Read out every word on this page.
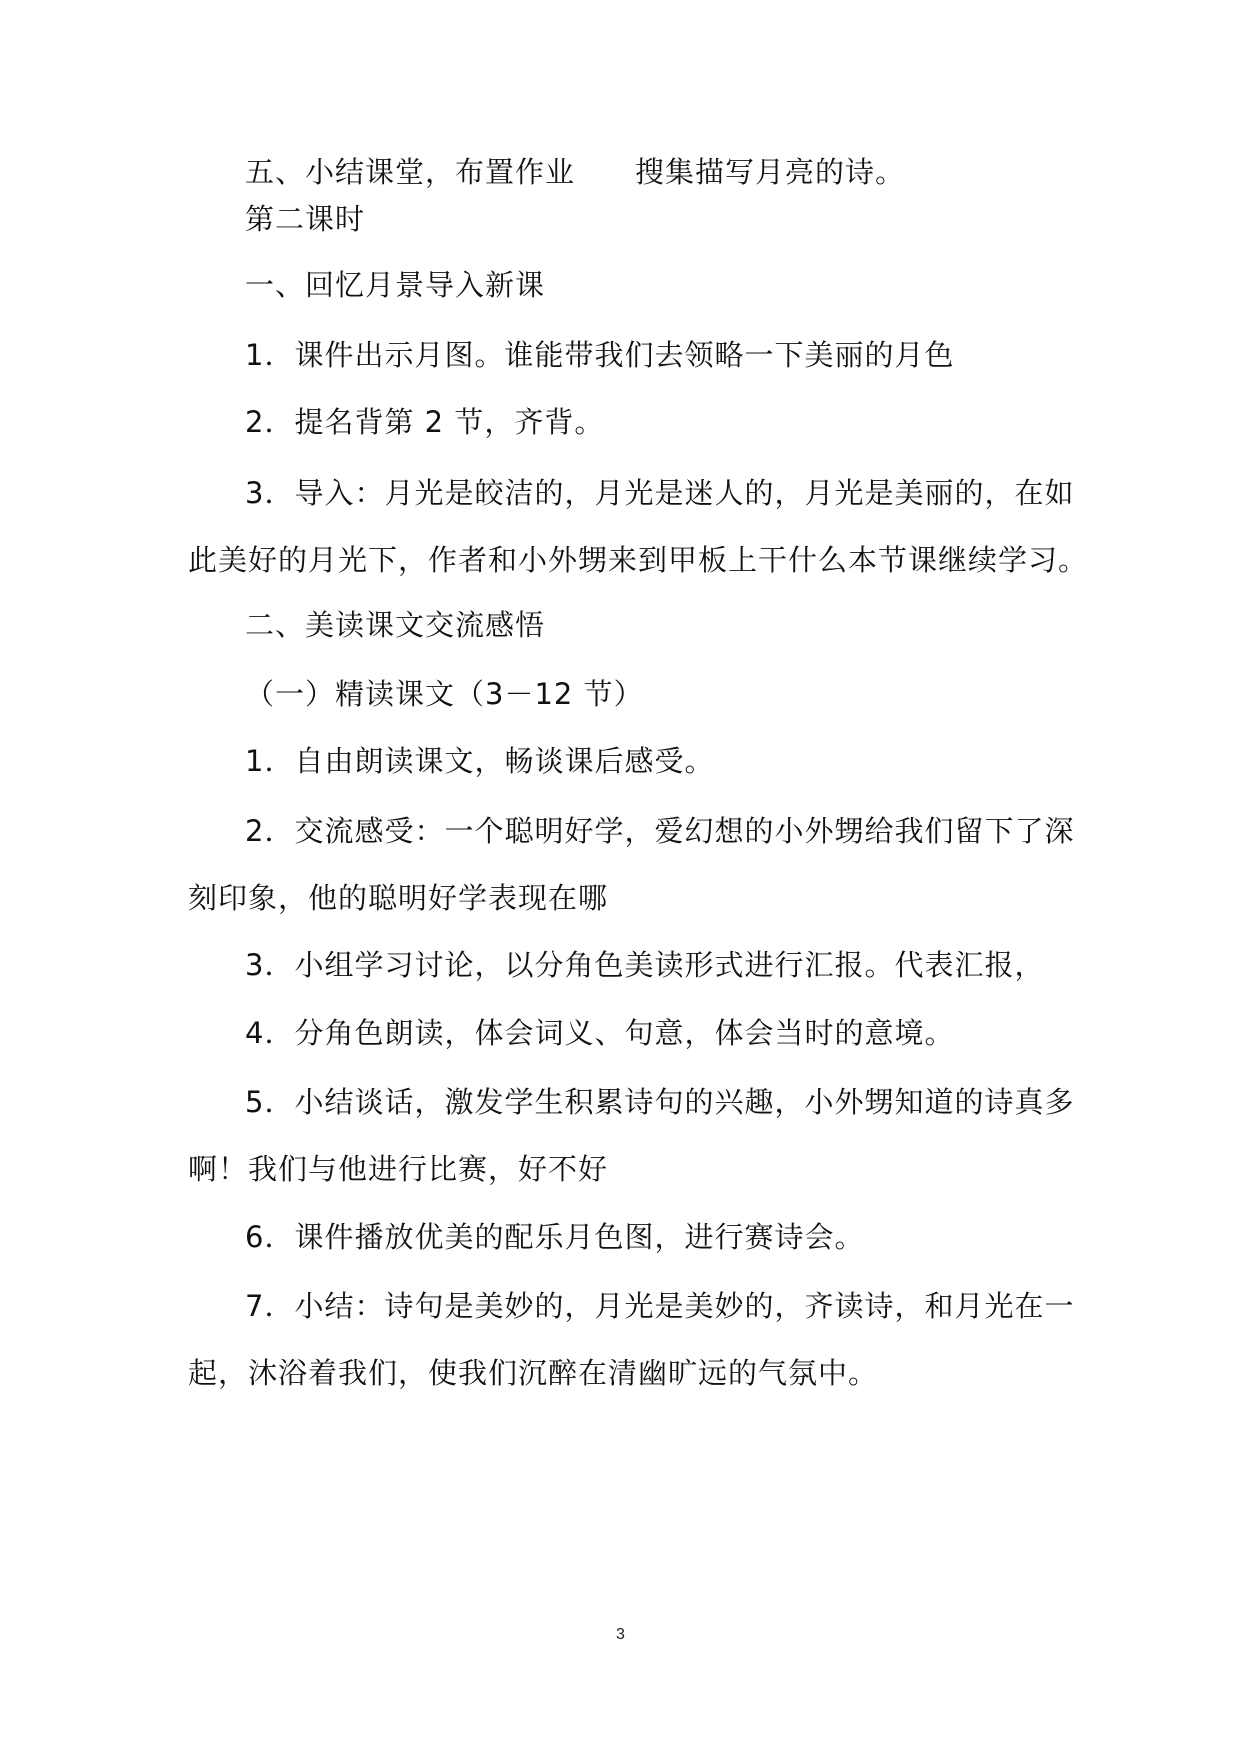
五、小结课堂，布置作业　　搜集描写月亮的诗。
第二课时
一、回忆月景导入新课
1．课件出示月图。谁能带我们去领略一下美丽的月色
2．提名背第 2 节，齐背。
3．导入：月光是皎洁的，月光是迷人的，月光是美丽的，在如
此美好的月光下，作者和小外甥来到甲板上干什么本节课继续学习。
二、美读课文交流感悟
（一）精读课文（3－12 节）
1．自由朗读课文，畅谈课后感受。
2．交流感受：一个聪明好学，爱幻想的小外甥给我们留下了深
刻印象，他的聪明好学表现在哪
3．小组学习讨论，以分角色美读形式进行汇报。代表汇报，
4．分角色朗读，体会词义、句意，体会当时的意境。
5．小结谈话，激发学生积累诗句的兴趣，小外甥知道的诗真多
啊！我们与他进行比赛，好不好
6．课件播放优美的配乐月色图，进行赛诗会。
7．小结：诗句是美妙的，月光是美妙的，齐读诗，和月光在一
起，沐浴着我们，使我们沉醉在清幽旷远的气氛中。
3
